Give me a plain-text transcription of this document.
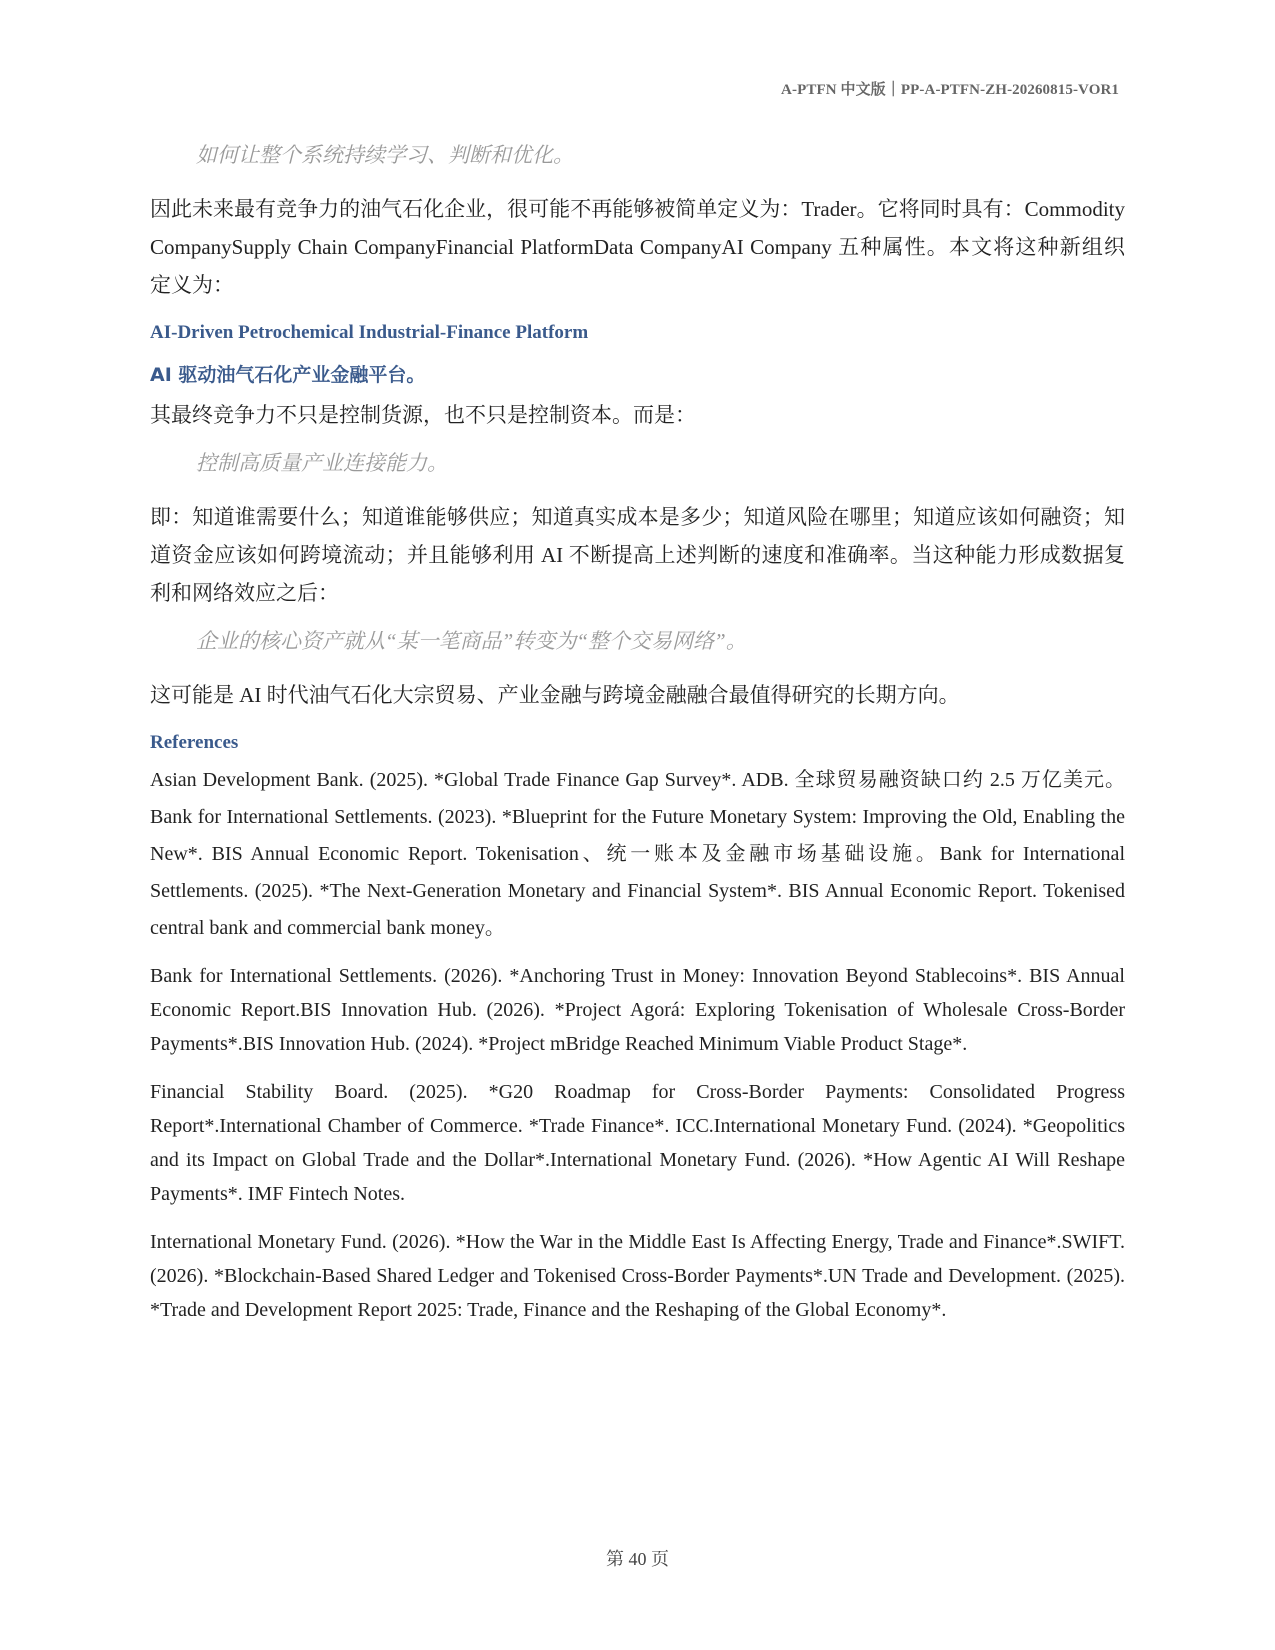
A-PTFN 中文版｜PP-A-PTFN-ZH-20260815-VOR1

如何让整个系统持续学习、判断和优化。

因此未来最有竞争力的油气石化企业，很可能不再能够被简单定义为：Trader。它将同时具有：Commodity CompanySupply Chain CompanyFinancial PlatformData CompanyAI Company 五种属性。本文将这种新组织定义为：

AI-Driven Petrochemical Industrial-Finance Platform

AI 驱动油气石化产业金融平台。

其最终竞争力不只是控制货源，也不只是控制资本。而是：

控制高质量产业连接能力。

即：知道谁需要什么；知道谁能够供应；知道真实成本是多少；知道风险在哪里；知道应该如何融资；知道资金应该如何跨境流动；并且能够利用 AI 不断提高上述判断的速度和准确率。当这种能力形成数据复利和网络效应之后：

企业的核心资产就从“某一笔商品”转变为“整个交易网络”。

这可能是 AI 时代油气石化大宗贸易、产业金融与跨境金融融合最值得研究的长期方向。

References

Asian Development Bank. (2025). *Global Trade Finance Gap Survey*. ADB. 全球贸易融资缺口约 2.5 万亿美元。Bank for International Settlements. (2023). *Blueprint for the Future Monetary System: Improving the Old, Enabling the New*. BIS Annual Economic Report. Tokenisation、统一账本及金融市场基础设施。Bank for International Settlements. (2025). *The Next-Generation Monetary and Financial System*. BIS Annual Economic Report. Tokenised central bank and commercial bank money。

Bank for International Settlements. (2026). *Anchoring Trust in Money: Innovation Beyond Stablecoins*. BIS Annual Economic Report.BIS Innovation Hub. (2026). *Project Agorá: Exploring Tokenisation of Wholesale Cross-Border Payments*.BIS Innovation Hub. (2024). *Project mBridge Reached Minimum Viable Product Stage*.

Financial Stability Board. (2025). *G20 Roadmap for Cross-Border Payments: Consolidated Progress Report*.International Chamber of Commerce. *Trade Finance*. ICC.International Monetary Fund. (2024). *Geopolitics and its Impact on Global Trade and the Dollar*.International Monetary Fund. (2026). *How Agentic AI Will Reshape Payments*. IMF Fintech Notes.

International Monetary Fund. (2026). *How the War in the Middle East Is Affecting Energy, Trade and Finance*.SWIFT. (2026). *Blockchain-Based Shared Ledger and Tokenised Cross-Border Payments*.UN Trade and Development. (2025). *Trade and Development Report 2025: Trade, Finance and the Reshaping of the Global Economy*.

第 40 页
